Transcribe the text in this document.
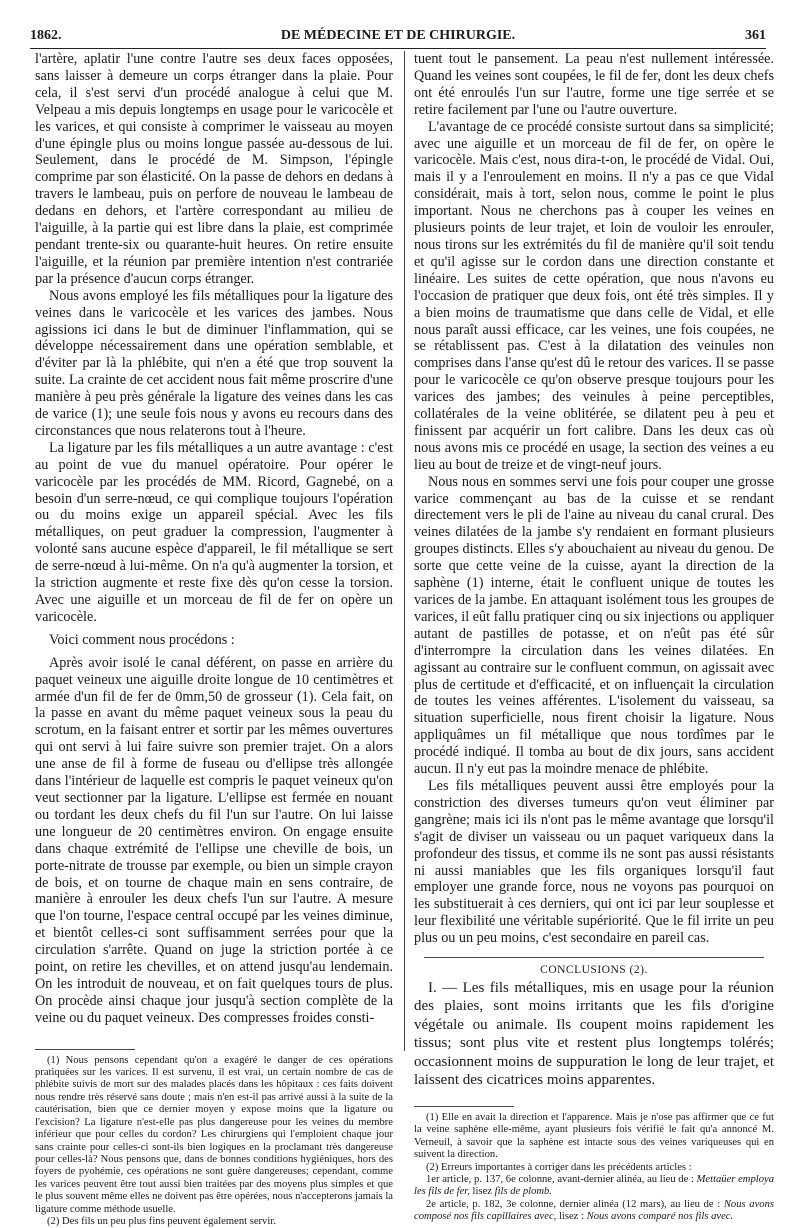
1862.	DE MÉDECINE ET DE CHIRURGIE.	361

l'artère, aplatir l'une contre l'autre ses deux faces opposées, sans laisser à demeure un corps étranger dans la plaie. Pour cela, il s'est servi d'un procédé analogue à celui que M. Velpeau a mis depuis longtemps en usage pour le varicocèle et les varices, et qui consiste à comprimer le vaisseau au moyen d'une épingle plus ou moins longue passée au-dessous de lui. Seulement, dans le procédé de M. Simpson, l'épingle comprime par son élasticité. On la passe de dehors en dedans à travers le lambeau, puis on perfore de nouveau le lambeau de dedans en dehors, et l'artère correspondant au milieu de l'aiguille, à la partie qui est libre dans la plaie, est comprimée pendant trente-six ou quarante-huit heures. On retire ensuite l'aiguille, et la réunion par première intention n'est contrariée par la présence d'aucun corps étranger.

Nous avons employé les fils métalliques pour la ligature des veines dans le varicocèle et les varices des jambes. Nous agissions ici dans le but de diminuer l'inflammation, qui se développe nécessairement dans une opération semblable, et d'éviter par là la phlébite, qui n'en a été que trop souvent la suite. La crainte de cet accident nous fait même proscrire d'une manière à peu près générale la ligature des veines dans les cas de varice (1); une seule fois nous y avons eu recours dans des circonstances que nous relaterons tout à l'heure.

La ligature par les fils métalliques a un autre avantage : c'est au point de vue du manuel opératoire. Pour opérer le varicocèle par les procédés de MM. Ricord, Gagnebé, on a besoin d'un serre-nœud, ce qui complique toujours l'opération ou du moins exige un appareil spécial. Avec les fils métalliques, on peut graduer la compression, l'augmenter à volonté sans aucune espèce d'appareil, le fil métallique se sert de serre-nœud à lui-même. On n'a qu'à augmenter la torsion, et la striction augmente et reste fixe dès qu'on cesse la torsion. Avec une aiguille et un morceau de fil de fer on opère un varicocèle.

Voici comment nous procédons :

Après avoir isolé le canal déférent, on passe en arrière du paquet veineux une aiguille droite longue de 10 centimètres et armée d'un fil de fer de 0mm,50 de grosseur (1). Cela fait, on la passe en avant du même paquet veineux sous la peau du scrotum, en la faisant entrer et sortir par les mêmes ouvertures qui ont servi à lui faire suivre son premier trajet. On a alors une anse de fil à forme de fuseau ou d'ellipse très allongée dans l'intérieur de laquelle est compris le paquet veineux qu'on veut sectionner par la ligature. L'ellipse est fermée en nouant ou tordant les deux chefs du fil l'un sur l'autre. On lui laisse une longueur de 20 centimètres environ. On engage ensuite dans chaque extrémité de l'ellipse une cheville de bois, un porte-nitrate de trousse par exemple, ou bien un simple crayon de bois, et on tourne de chaque main en sens contraire, de manière à enrouler les deux chefs l'un sur l'autre. A mesure que l'on tourne, l'espace central occupé par les veines diminue, et bientôt celles-ci sont suffisamment serrées pour que la circulation s'arrête. Quand on juge la striction portée à ce point, on retire les chevilles, et on attend jusqu'au lendemain. On les introduit de nouveau, et on fait quelques tours de plus. On procède ainsi chaque jour jusqu'à section complète de la veine ou du paquet veineux. Des compresses froides consti-

(1) Nous pensons cependant qu'on a exagéré le danger de ces opérations pratiquées sur les varices. Il est survenu, il est vrai, un certain nombre de cas de phlébite suivis de mort sur des malades placés dans les hôpitaux : ces faits doivent nous rendre très réservé sans doute ; mais n'en est-il pas arrivé aussi à la suite de la cautérisation, bien que ce dernier moyen y expose moins que la ligature ou l'excision? La ligature n'est-elle pas plus dangereuse pour les veines du membre inférieur que pour celles du cordon? Les chirurgiens qui l'emploient chaque jour sans crainte pour celles-ci sont-ils bien logiques en la proclamant très dangereuse pour celles-là? Nous pensons que, dans de bonnes conditions hygiéniques, hors des foyers de pyohémie, ces opérations ne sont guère dangereuses; cependant, comme les varices peuvent être tout aussi bien traitées par des moyens plus simples et que le plus souvent même elles ne doivent pas être opérées, nous n'accepterons jamais la ligature comme méthode usuelle.

(2) Des fils un peu plus fins peuvent également servir.

tuent tout le pansement. La peau n'est nullement intéressée. Quand les veines sont coupées, le fil de fer, dont les deux chefs ont été enroulés l'un sur l'autre, forme une tige serrée et se retire facilement par l'une ou l'autre ouverture.

L'avantage de ce procédé consiste surtout dans sa simplicité; avec une aiguille et un morceau de fil de fer, on opère le varicocèle. Mais c'est, nous dira-t-on, le procédé de Vidal. Oui, mais il y a l'enroulement en moins. Il n'y a pas ce que Vidal considérait, mais à tort, selon nous, comme le point le plus important. Nous ne cherchons pas à couper les veines en plusieurs points de leur trajet, et loin de vouloir les enrouler, nous tirons sur les extrémités du fil de manière qu'il soit tendu et qu'il agisse sur le cordon dans une direction constante et linéaire. Les suites de cette opération, que nous n'avons eu l'occasion de pratiquer que deux fois, ont été très simples. Il y a bien moins de traumatisme que dans celle de Vidal, et elle nous paraît aussi efficace, car les veines, une fois coupées, ne se rétablissent pas. C'est à la dilatation des veinules non comprises dans l'anse qu'est dû le retour des varices. Il se passe pour le varicocèle ce qu'on observe presque toujours pour les varices des jambes; des veinules à peine perceptibles, collatérales de la veine oblitérée, se dilatent peu à peu et finissent par acquérir un fort calibre. Dans les deux cas où nous avons mis ce procédé en usage, la section des veines a eu lieu au bout de treize et de vingt-neuf jours.

Nous nous en sommes servi une fois pour couper une grosse varice commençant au bas de la cuisse et se rendant directement vers le pli de l'aine au niveau du canal crural. Des veines dilatées de la jambe s'y rendaient en formant plusieurs groupes distincts. Elles s'y abouchaient au niveau du genou. De sorte que cette veine de la cuisse, ayant la direction de la saphène (1) interne, était le confluent unique de toutes les varices de la jambe. En attaquant isolément tous les groupes de varices, il eût fallu pratiquer cinq ou six injections ou appliquer autant de pastilles de potasse, et on n'eût pas été sûr d'interrompre la circulation dans les veines dilatées. En agissant au contraire sur le confluent commun, on agissait avec plus de certitude et d'efficacité, et on influençait la circulation de toutes les veines afférentes. L'isolement du vaisseau, sa situation superficielle, nous firent choisir la ligature. Nous appliquâmes un fil métallique que nous tordîmes par le procédé indiqué. Il tomba au bout de dix jours, sans accident aucun. Il n'y eut pas la moindre menace de phlébite.

Les fils métalliques peuvent aussi être employés pour la constriction des diverses tumeurs qu'on veut éliminer par gangrène; mais ici ils n'ont pas le même avantage que lorsqu'il s'agit de diviser un vaisseau ou un paquet variqueux dans la profondeur des tissus, et comme ils ne sont pas aussi résistants ni aussi maniables que les fils organiques lorsqu'il faut employer une grande force, nous ne voyons pas pourquoi on les substituerait à ces derniers, qui ont ici par leur souplesse et leur flexibilité une véritable supériorité. Que le fil irrite un peu plus ou un peu moins, c'est secondaire en pareil cas.

CONCLUSIONS (2).

I. — Les fils métalliques, mis en usage pour la réunion des plaies, sont moins irritants que les fils d'origine végétale ou animale. Ils coupent moins rapidement les tissus; sont plus vite et restent plus longtemps tolérés; occasionnent moins de suppuration le long de leur trajet, et laissent des cicatrices moins apparentes.

(1) Elle en avait la direction et l'apparence. Mais je n'ose pas affirmer que ce fut la veine saphène elle-même, ayant plusieurs fois vérifié le fait qu'a annoncé M. Verneuil, à savoir que la saphène est intacte sous des veines variqueuses qui en suivent la direction.

(2) Erreurs importantes à corriger dans les précédents articles :

1er article, p. 137, 6e colonne, avant-dernier alinéa, au lieu de : Mettaüer employa les fils de fer, lisez fils de plomb.

2e article, p. 182, 3e colonne, dernier alinéa (12 mars), au lieu de : Nous avons composé nos fils capillaires avec, lisez : Nous avons comparé nos fils avec.
